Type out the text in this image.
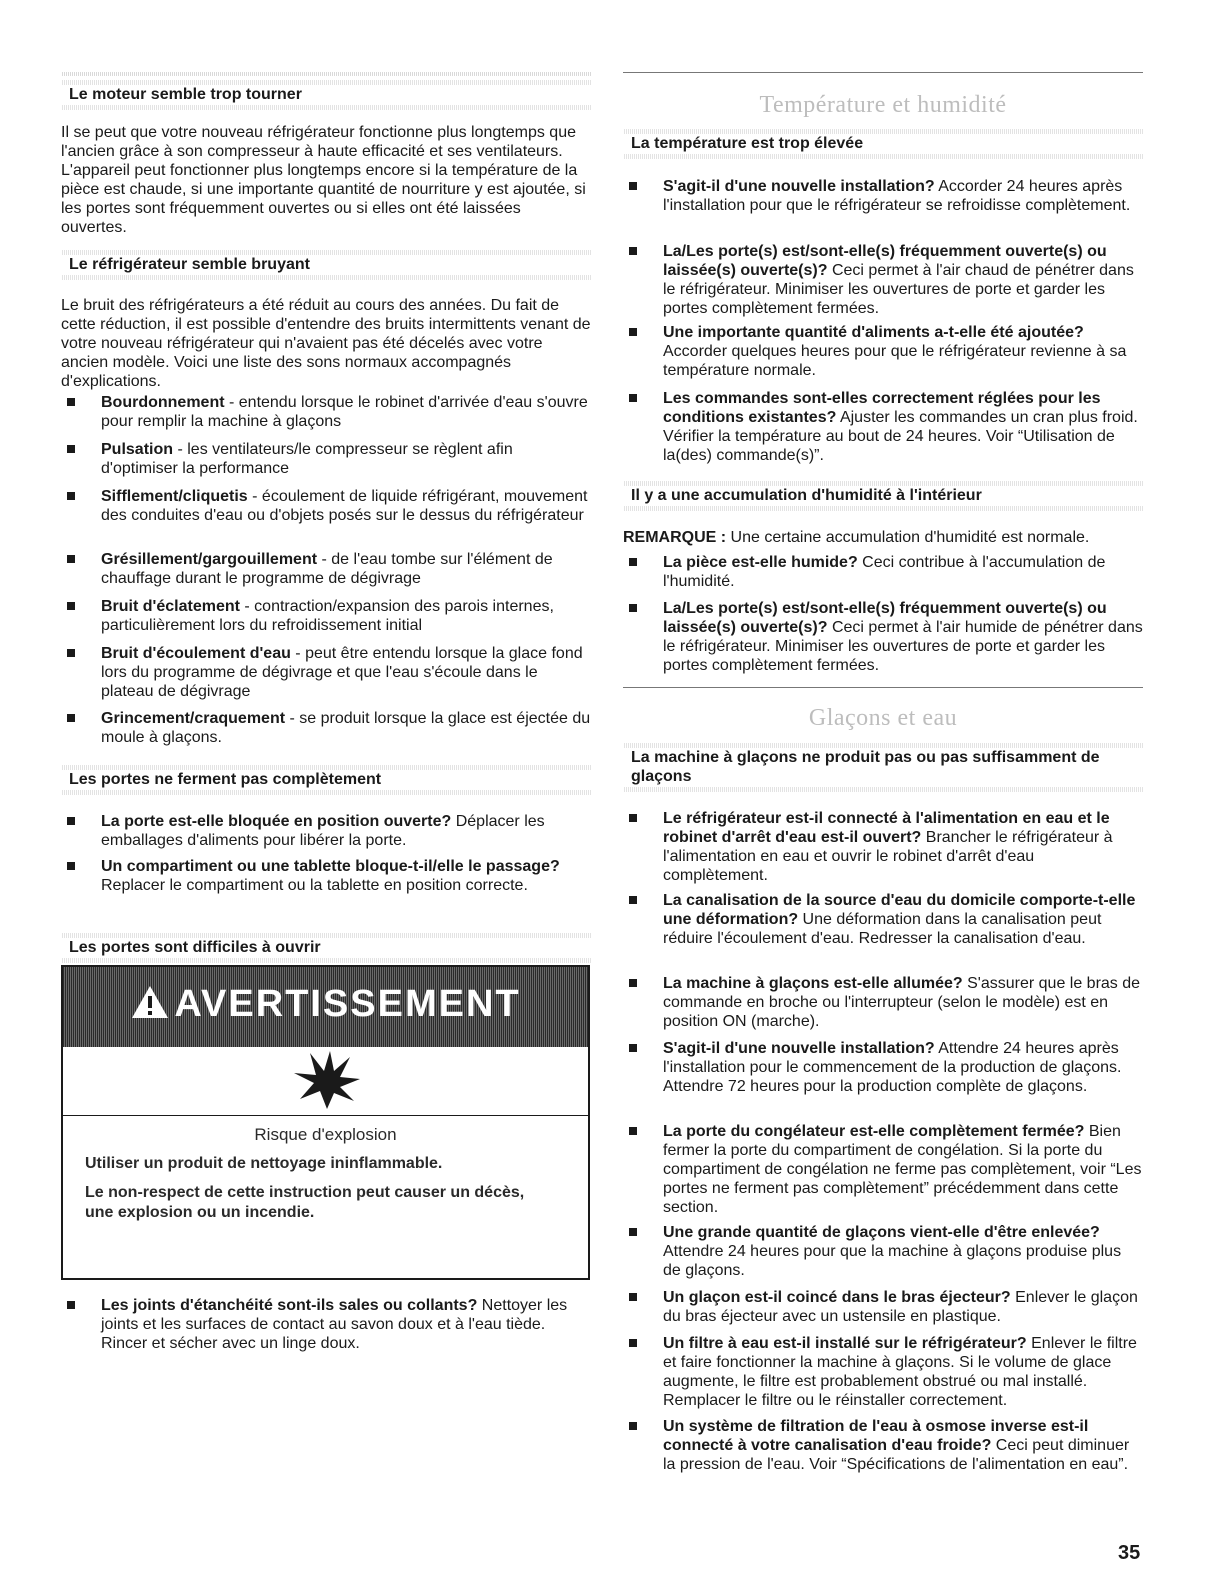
Le moteur semble trop tourner
Il se peut que votre nouveau réfrigérateur fonctionne plus longtemps que l'ancien grâce à son compresseur à haute efficacité et ses ventilateurs. L'appareil peut fonctionner plus longtemps encore si la température de la pièce est chaude, si une importante quantité de nourriture y est ajoutée, si les portes sont fréquemment ouvertes ou si elles ont été laissées ouvertes.
Le réfrigérateur semble bruyant
Le bruit des réfrigérateurs a été réduit au cours des années. Du fait de cette réduction, il est possible d'entendre des bruits intermittents venant de votre nouveau réfrigérateur qui n'avaient pas été décelés avec votre ancien modèle. Voici une liste des sons normaux accompagnés d'explications.
Bourdonnement - entendu lorsque le robinet d'arrivée d'eau s'ouvre pour remplir la machine à glaçons
Pulsation - les ventilateurs/le compresseur se règlent afin d'optimiser la performance
Sifflement/cliquetis - écoulement de liquide réfrigérant, mouvement des conduites d'eau ou d'objets posés sur le dessus du réfrigérateur
Grésillement/gargouillement - de l'eau tombe sur l'élément de chauffage durant le programme de dégivrage
Bruit d'éclatement - contraction/expansion des parois internes, particulièrement lors du refroidissement initial
Bruit d'écoulement d'eau - peut être entendu lorsque la glace fond lors du programme de dégivrage et que l'eau s'écoule dans le plateau de dégivrage
Grincement/craquement - se produit lorsque la glace est éjectée du moule à glaçons.
Les portes ne ferment pas complètement
La porte est-elle bloquée en position ouverte? Déplacer les emballages d'aliments pour libérer la porte.
Un compartiment ou une tablette bloque-t-il/elle le passage? Replacer le compartiment ou la tablette en position correcte.
Les portes sont difficiles à ouvrir
Les joints d'étanchéité sont-ils sales ou collants? Nettoyer les joints et les surfaces de contact au savon doux et à l'eau tiède. Rincer et sécher avec un linge doux.
AVERTISSEMENT
Risque d'explosion
Utiliser un produit de nettoyage ininflammable.
Le non-respect de cette instruction peut causer un décès,
une explosion ou un incendie.
Température et humidité
La température est trop élevée
S'agit-il d'une nouvelle installation? Accorder 24 heures après l'installation pour que le réfrigérateur se refroidisse complètement.
La/Les porte(s) est/sont-elle(s) fréquemment ouverte(s) ou laissée(s) ouverte(s)? Ceci permet à l'air chaud de pénétrer dans le réfrigérateur. Minimiser les ouvertures de porte et garder les portes complètement fermées.
Une importante quantité d'aliments a-t-elle été ajoutée? Accorder quelques heures pour que le réfrigérateur revienne à sa température normale.
Les commandes sont-elles correctement réglées pour les conditions existantes? Ajuster les commandes un cran plus froid. Vérifier la température au bout de 24 heures. Voir “Utilisation de la(des) commande(s)”.
Il y a une accumulation d'humidité à l'intérieur
REMARQUE : Une certaine accumulation d'humidité est normale.
La pièce est-elle humide? Ceci contribue à l'accumulation de l'humidité.
La/Les porte(s) est/sont-elle(s) fréquemment ouverte(s) ou laissée(s) ouverte(s)? Ceci permet à l'air humide de pénétrer dans le réfrigérateur. Minimiser les ouvertures de porte et garder les portes complètement fermées.
Glaçons et eau
La machine à glaçons ne produit pas ou pas suffisamment de glaçons
Le réfrigérateur est-il connecté à l'alimentation en eau et le robinet d'arrêt d'eau est-il ouvert? Brancher le réfrigérateur à l'alimentation en eau et ouvrir le robinet d'arrêt d'eau complètement.
La canalisation de la source d'eau du domicile comporte-t-elle une déformation? Une déformation dans la canalisation peut réduire l'écoulement d'eau. Redresser la canalisation d'eau.
La machine à glaçons est-elle allumée? S'assurer que le bras de commande en broche ou l'interrupteur (selon le modèle) est en position ON (marche).
S'agit-il d'une nouvelle installation? Attendre 24 heures après l'installation pour le commencement de la production de glaçons. Attendre 72 heures pour la production complète de glaçons.
La porte du congélateur est-elle complètement fermée? Bien fermer la porte du compartiment de congélation. Si la porte du compartiment de congélation ne ferme pas complètement, voir “Les portes ne ferment pas complètement” précédemment dans cette section.
Une grande quantité de glaçons vient-elle d'être enlevée? Attendre 24 heures pour que la machine à glaçons produise plus de glaçons.
Un glaçon est-il coincé dans le bras éjecteur? Enlever le glaçon du bras éjecteur avec un ustensile en plastique.
Un filtre à eau est-il installé sur le réfrigérateur? Enlever le filtre et faire fonctionner la machine à glaçons. Si le volume de glace augmente, le filtre est probablement obstrué ou mal installé. Remplacer le filtre ou le réinstaller correctement.
Un système de filtration de l'eau à osmose inverse est-il connecté à votre canalisation d'eau froide? Ceci peut diminuer la pression de l'eau. Voir “Spécifications de l'alimentation en eau”.
35
